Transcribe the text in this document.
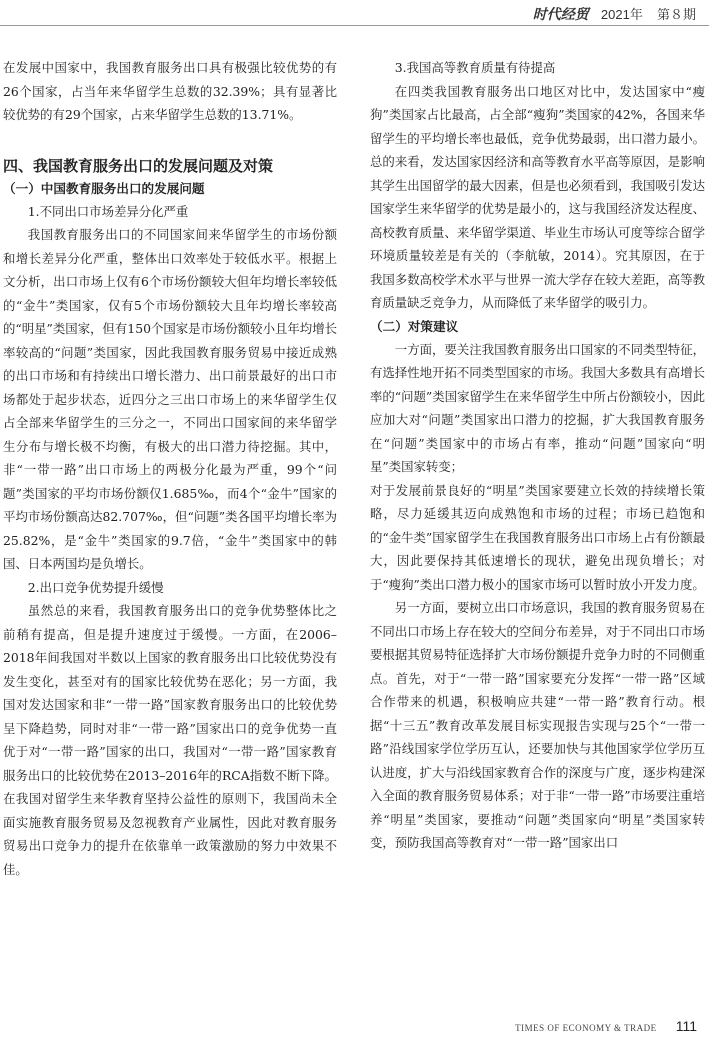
时代经贸 2021年 第８期

在发展中国家中，我国教育服务出口具有极强比较优势的有26个国家，占当年来华留学生总数的32.39%；具有显著比较优势的有29个国家，占来华留学生总数的13.71%。

四、我国教育服务出口的发展问题及对策
（一）中国教育服务出口的发展问题
1.不同出口市场差异分化严重

我国教育服务出口的不同国家间来华留学生的市场份额和增长差异分化严重，整体出口效率处于较低水平。根据上文分析，出口市场上仅有6个市场份额较大但年均增长率较低的“金牛”类国家，仅有5个市场份额较大且年均增长率较高的“明星”类国家，但有150个国家是市场份额较小且年均增长率较高的“问题”类国家，因此我国教育服务贸易中接近成熟的出口市场和有持续出口增长潜力、出口前景最好的出口市场都处于起步状态，近四分之三出口市场上的来华留学生仅占全部来华留学生的三分之一，不同出口国家间的来华留学生分布与增长极不均衡，有极大的出口潜力待挖掘。其中，非“一带一路”出口市场上的两极分化最为严重，99个“问题”类国家的平均市场份额仅1.685‰，而4个“金牛”国家的平均市场份额高达82.707‰，但“问题”类各国平均增长率为25.82%，是“金牛”类国家的9.7倍，“金牛”类国家中的韩国、日本两国均是负增长。

2.出口竞争优势提升缓慢

虽然总的来看，我国教育服务出口的竞争优势整体比之前稍有提高，但是提升速度过于缓慢。一方面，在2006–2018年间我国对半数以上国家的教育服务出口比较优势没有发生变化，甚至对有的国家比较优势在恶化；另一方面，我国对发达国家和非“一带一路”国家教育服务出口的比较优势呈下降趋势，同时对非“一带一路”国家出口的竞争优势一直优于对“一带一路”国家的出口，我国对“一带一路”国家教育服务出口的比较优势在2013–2016年的RCA指数不断下降。在我国对留学生来华教育坚持公益性的原则下，我国尚未全面实施教育服务贸易及忽视教育产业属性，因此对教育服务贸易出口竞争力的提升在依靠单一政策激励的努力中效果不佳。

3.我国高等教育质量有待提高

在四类我国教育服务出口地区对比中，发达国家中“瘦狗”类国家占比最高，占全部“瘦狗”类国家的42%，各国来华留学生的平均增长率也最低，竞争优势最弱，出口潜力最小。总的来看，发达国家因经济和高等教育水平高等原因，是影响其学生出国留学的最大因素，但是也必须看到，我国吸引发达国家学生来华留学的优势是最小的，这与我国经济发达程度、高校教育质量、来华留学渠道、毕业生市场认可度等综合留学环境质量较差是有关的（李航敏，2014）。究其原因，在于我国多数高校学术水平与世界一流大学存在较大差距，高等教育质量缺乏竞争力，从而降低了来华留学的吸引力。

（二）对策建议

一方面，要关注我国教育服务出口国家的不同类型特征，有选择性地开拓不同类型国家的市场。我国大多数具有高增长率的“问题”类国家留学生在来华留学生中所占份额较小，因此应加大对“问题”类国家出口潜力的挖掘，扩大我国教育服务在“问题”类国家中的市场占有率，推动“问题”国家向“明星”类国家转变；

对于发展前景良好的“明星”类国家要建立长效的持续增长策略，尽力延缓其迈向成熟饱和市场的过程；市场已趋饱和的“金牛类”国家留学生在我国教育服务出口市场上占有份额最大，因此要保持其低速增长的现状，避免出现负增长；对于“瘦狗”类出口潜力极小的国家市场可以暂时放小开发力度。

另一方面，要树立出口市场意识，我国的教育服务贸易在不同出口市场上存在较大的空间分布差异，对于不同出口市场要根据其贸易特征选择扩大市场份额提升竞争力时的不同侧重点。首先，对于“一带一路”国家要充分发挥“一带一路”区域合作带来的机遇，积极响应共建“一带一路”教育行动。根据“十三五”教育改革发展目标实现报告实现与25个“一带一路”沿线国家学位学历互认，还要加快与其他国家学位学历互认进度，扩大与沿线国家教育合作的深度与广度，逐步构建深入全面的教育服务贸易体系；对于非“一带一路”市场要注重培养“明星”类国家，要推动“问题”类国家向“明星”类国家转变，预防我国高等教育对“一带一路”国家出口

TIMES OF ECONOMY & TRADE 111
